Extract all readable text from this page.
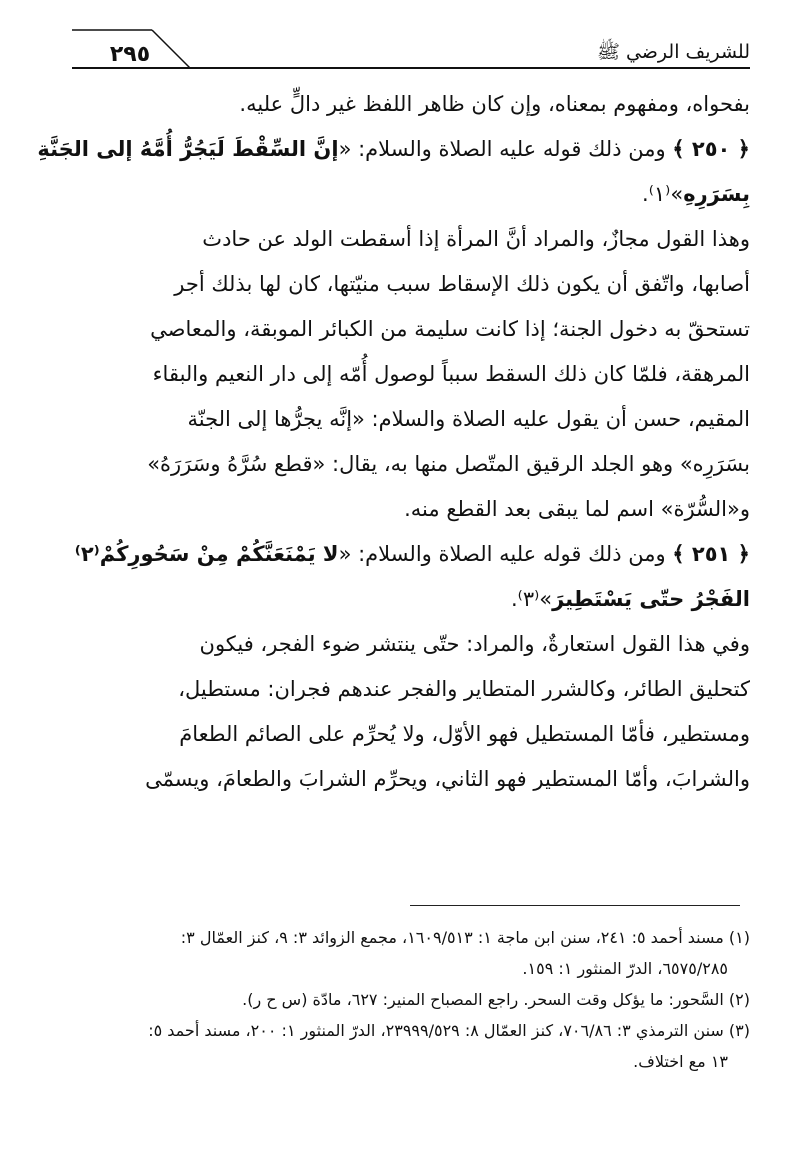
٢٩٥	للشريف الرضي ﷺ
بفحواه، ومفهوم بمعناه، وإن كان ظاهر اللفظ غير دالٍّ عليه.
﴿ ٢٥٠ ﴾ ومن ذلك قوله عليه الصلاة والسلام: «إنَّ السِّقْطَ لَيَجُرُّ أُمَّهُ إلى الجَنَّةِ
بِسَرَرِهِ»⁽١⁾.
وهذا القول مجازٌ، والمراد أنَّ المرأة إذا أسقطت الولد عن حادث
أصابها، واتّفق أن يكون ذلك الإسقاط سبب منيّتها، كان لها بذلك أجر
تستحقّ به دخول الجنة؛ إذا كانت سليمة من الكبائر الموبقة، والمعاصي
المرهقة، فلمّا كان ذلك السقط سبباً لوصول أُمّه إلى دار النعيم والبقاء
المقيم، حسن أن يقول عليه الصلاة والسلام: «إنَّه يجرُّها إلى الجنّة
بسَرَرِه» وهو الجلد الرقيق المتّصل منها به، يقال: «قطع سُرَّهُ وسَرَرَهُ»
و«السُّرّة» اسم لما يبقى بعد القطع منه.
﴿ ٢٥١ ﴾ ومن ذلك قوله عليه الصلاة والسلام: «لا يَمْنَعَنَّكُمْ مِنْ سَحُورِكُمْ⁽٢⁾
الفَجْرُ حتّى يَسْتَطِيرَ»⁽٣⁾.
وفي هذا القول استعارةٌ، والمراد: حتّى ينتشر ضوء الفجر، فيكون
كتحليق الطائر، وكالشرر المتطاير والفجر عندهم فجران: مستطيل،
ومستطير، فأمّا المستطيل فهو الأوّل، ولا يُحرِّم على الصائم الطعامَ
والشرابَ، وأمّا المستطير فهو الثاني، ويحرِّم الشرابَ والطعامَ، ويسمّى
(١) مسند أحمد ٥: ٢٤١، سنن ابن ماجة ١: ١٦٠٩/٥١٣، مجمع الزوائد ٣: ٩، كنز العمّال ٣:
٦٥٧٥/٢٨٥، الدرّ المنثور ١: ١٥٩.
(٢) السَّحور: ما يؤكل وقت السحر. راجع المصباح المنير: ٦٢٧، مادّة (س ح ر).
(٣) سنن الترمذي ٣: ٧٠٦/٨٦، كنز العمّال ٨: ٢٣٩٩٩/٥٢٩، الدرّ المنثور ١: ٢٠٠، مسند أحمد ٥:
١٣ مع اختلاف.
